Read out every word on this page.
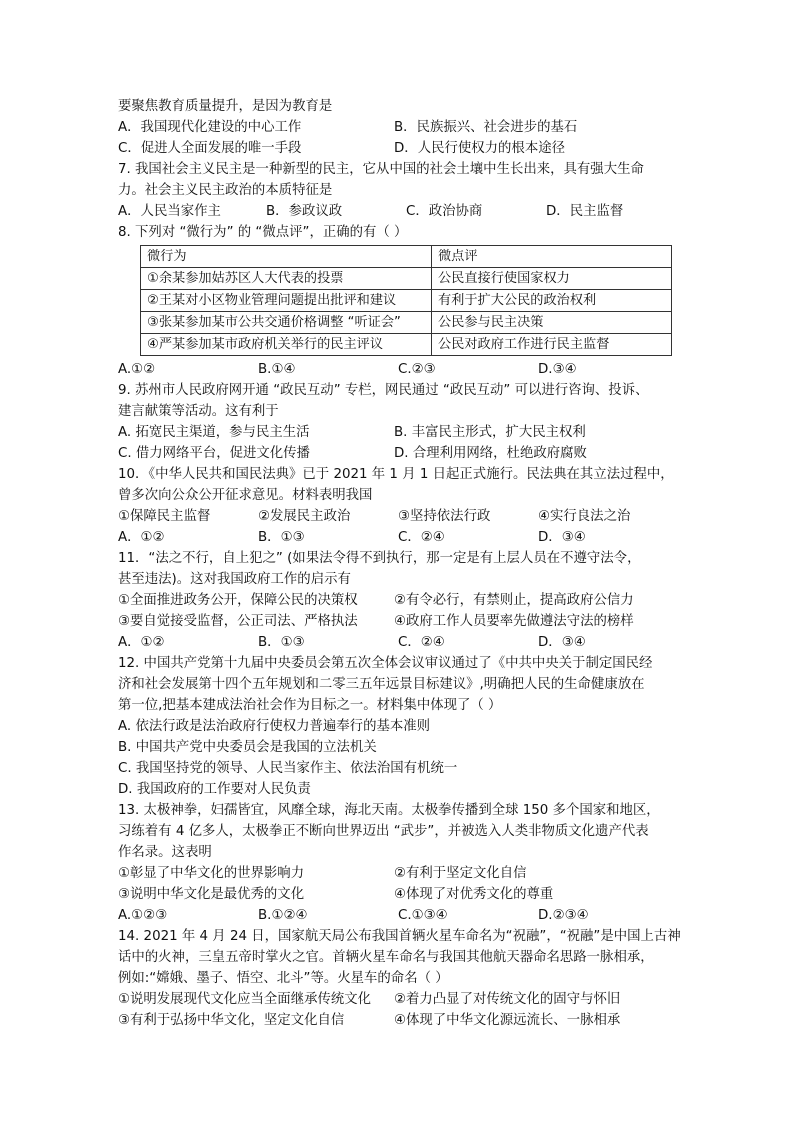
要聚焦教育质量提升，是因为教育是
A．我国现代化建设的中心工作	B．民族振兴、社会进步的基石
C．促进人全面发展的唯一手段	D．人民行使权力的根本途径
7. 我国社会主义民主是一种新型的民主，它从中国的社会土壤中生长出来，具有强大生命
力。社会主义民主政治的本质特征是
A．人民当家作主	B．参政议政	C．政治协商	D．民主监督
8. 下列对 “微行为” 的 “微点评”，正确的有（ ）
微行为	微点评
①余某参加姑苏区人大代表的投票	公民直接行使国家权力
②王某对小区物业管理问题提出批评和建议	有利于扩大公民的政治权利
③张某参加某市公共交通价格调整 “听证会”	公民参与民主决策
④严某参加某市政府机关举行的民主评议	公民对政府工作进行民主监督
A.①②	B.①④	C.②③	D.③④
9. 苏州市人民政府网开通 “政民互动” 专栏，网民通过 “政民互动” 可以进行咨询、投诉、
建言献策等活动。这有利于
A. 拓宽民主渠道，参与民主生活	B. 丰富民主形式，扩大民主权利
C. 借力网络平台，促进文化传播	D. 合理利用网络，杜绝政府腐败
10．《中华人民共和国民法典》已于 2021 年 1 月 1 日起正式施行。民法典在其立法过程中，
曾多次向公众公开征求意见。材料表明我国
①保障民主监督	②发展民主政治	③坚持依法行政	④实行良法之治
A．①②	B．①③	C．②④	D．③④
11．“法之不行，自上犯之” (如果法令得不到执行，那一定是有上层人员在不遵守法令，
甚至违法)。这对我国政府工作的启示有
①全面推进政务公开，保障公民的决策权	②有令必行，有禁则止，提高政府公信力
③要自觉接受监督，公正司法、严格执法	④政府工作人员要率先做遵法守法的榜样
A．①②	B．①③	C．②④	D．③④
12. 中国共产党第十九届中央委员会第五次全体会议审议通过了《中共中央关于制定国民经
济和社会发展第十四个五年规划和二零三五年远景目标建议》,明确把人民的生命健康放在
第一位,把基本建成法治社会作为目标之一。材料集中体现了（ ）
A. 依法行政是法治政府行使权力普遍奉行的基本准则
B. 中国共产党中央委员会是我国的立法机关
C. 我国坚持党的领导、人民当家作主、依法治国有机统一
D. 我国政府的工作要对人民负责
13. 太极神拳，妇孺皆宜，风靡全球，海北天南。太极拳传播到全球 150 多个国家和地区，
习练着有 4 亿多人，太极拳正不断向世界迈出 “武步”，并被选入人类非物质文化遗产代表
作名录。这表明
①彰显了中华文化的世界影响力	②有利于坚定文化自信
③说明中华文化是最优秀的文化	④体现了对优秀文化的尊重
A.①②③	B.①②④	C.①③④	D.②③④
14. 2021 年 4 月 24 日，国家航天局公布我国首辆火星车命名为“祝融”，“祝融”是中国上古神
话中的火神，三皇五帝时掌火之官。首辆火星车命名与我国其他航天器命名思路一脉相承，
例如:“嫦娥、墨子、悟空、北斗”等。火星车的命名（ ）
①说明发展现代文化应当全面继承传统文化	②着力凸显了对传统文化的固守与怀旧
③有利于弘扬中华文化，坚定文化自信	④体现了中华文化源远流长、一脉相承
